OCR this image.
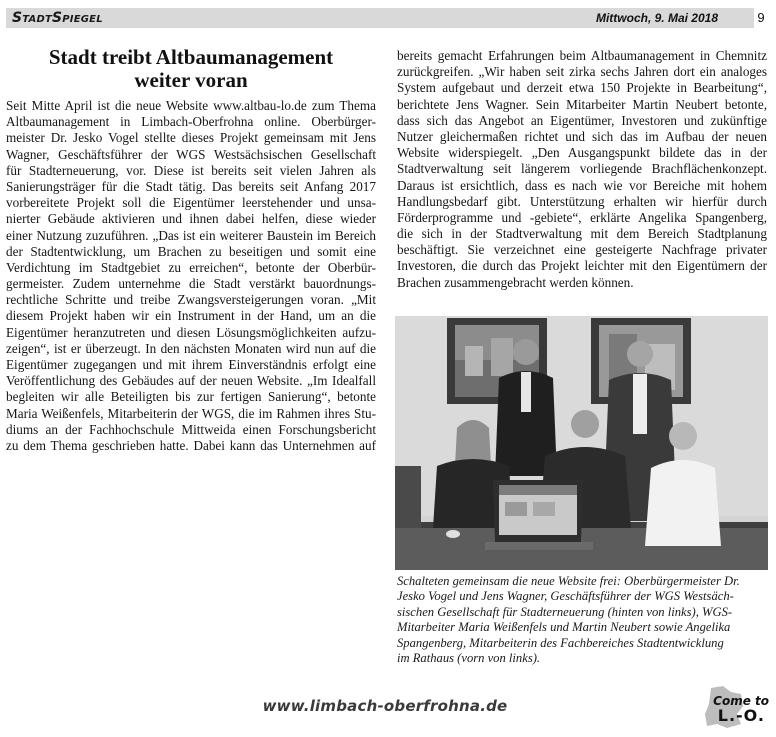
StadtSpiegel	Mittwoch, 9. Mai 2018	9
Stadt treibt Altbaumanagement
weiter voran
Seit Mitte April ist die neue Website www.altbau-lo.de zum Thema
Altbaumanagement in Limbach-Oberfrohna online. Oberbürger-
meister Dr. Jesko Vogel stellte dieses Projekt gemeinsam mit Jens
Wagner, Geschäftsführer der WGS Westsächsischen Gesellschaft
für Stadterneuerung, vor. Diese ist bereits seit vielen Jahren als
Sanierungsträger für die Stadt tätig. Das bereits seit Anfang 2017
vorbereitete Projekt soll die Eigentümer leerstehender und unsa-
nierter Gebäude aktivieren und ihnen dabei helfen, diese wieder
einer Nutzung zuzuführen. „Das ist ein weiterer Baustein im Bereich
der Stadtentwicklung, um Brachen zu beseitigen und somit eine
Verdichtung im Stadtgebiet zu erreichen“, betonte der Oberbür-
germeister. Zudem unternehme die Stadt verstärkt bauordnungs-
rechtliche Schritte und treibe Zwangsversteigerungen voran. „Mit
diesem Projekt haben wir ein Instrument in der Hand, um an die
Eigentümer heranzutreten und diesen Lösungsmöglichkeiten aufzu-
zeigen“, ist er überzeugt. In den nächsten Monaten wird nun auf die
Eigentümer zugegangen und mit ihrem Einverständnis erfolgt eine
Veröffentlichung des Gebäudes auf der neuen Website. „Im Idealfall
begleiten wir alle Beteiligten bis zur fertigen Sanierung“, betonte
Maria Weißenfels, Mitarbeiterin der WGS, die im Rahmen ihres Stu-
diums an der Fachhochschule Mittweida einen Forschungsbericht
zu dem Thema geschrieben hatte. Dabei kann das Unternehmen auf
bereits gemacht Erfahrungen beim Altbaumanagement in Chemnitz
zurückgreifen. „Wir haben seit zirka sechs Jahren dort ein analoges
System aufgebaut und derzeit etwa 150 Projekte in Bearbeitung“,
berichtete Jens Wagner. Sein Mitarbeiter Martin Neubert betonte,
dass sich das Angebot an Eigentümer, Investoren und zukünftige
Nutzer gleichermaßen richtet und sich das im Aufbau der neuen
Website widerspiegelt. „Den Ausgangspunkt bildete das in der
Stadtverwaltung seit längerem vorliegende Brachflächenkonzept.
Daraus ist ersichtlich, dass es nach wie vor Bereiche mit hohem
Handlungsbedarf gibt. Unterstützung erhalten wir hierfür durch
Förderprogramme und -gebiete“, erklärte Angelika Spangenberg,
die sich in der Stadtverwaltung mit dem Bereich Stadtplanung
beschäftigt. Sie verzeichnet eine gesteigerte Nachfrage privater
Investoren, die durch das Projekt leichter mit den Eigentümern der
Brachen zusammengebracht werden können.
Schalteten gemeinsam die neue Website frei: Oberbürgermeister Dr.
Jesko Vogel und Jens Wagner, Geschäftsführer der WGS Westsäch-
sischen Gesellschaft für Stadterneuerung (hinten von links), WGS-
Mitarbeiter Maria Weißenfels und Martin Neubert sowie Angelika
Spangenberg, Mitarbeiterin des Fachbereiches Stadtentwicklung
im Rathaus (vorn von links).
www.limbach-oberfrohna.de	Come to
L.-O.
